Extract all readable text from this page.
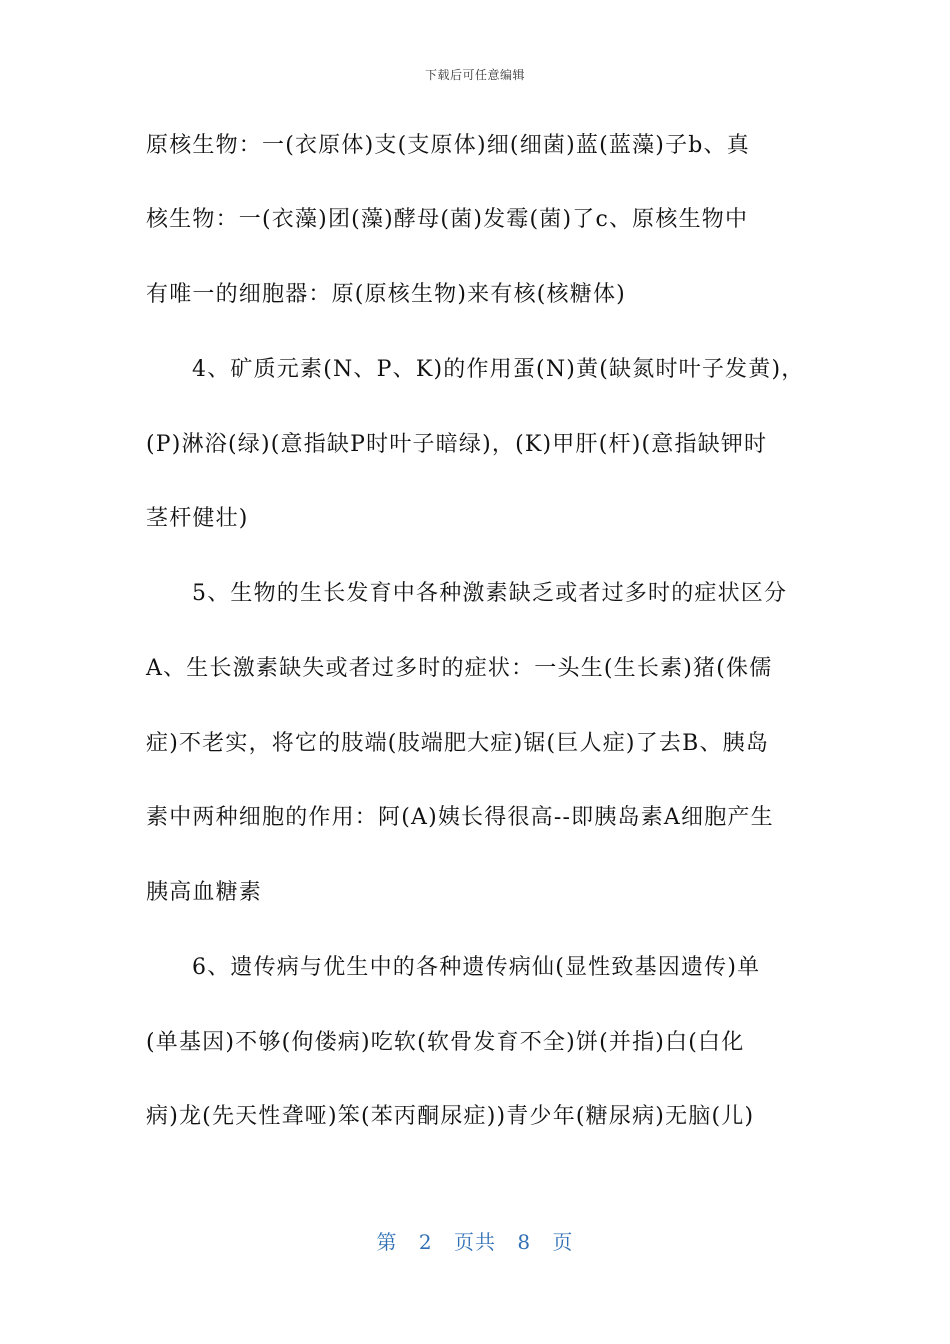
下载后可任意编辑
原核生物：一(衣原体)支(支原体)细(细菌)蓝(蓝藻)子b、真
核生物：一(衣藻)团(藻)酵母(菌)发霉(菌)了c、原核生物中
有唯一的细胞器：原(原核生物)来有核(核糖体)
4、矿质元素(N、P、K)的作用蛋(N)黄(缺氮时叶子发黄)，
(P)淋浴(绿)(意指缺P时叶子暗绿)，(K)甲肝(杆)(意指缺钾时
茎杆健壮)
5、生物的生长发育中各种激素缺乏或者过多时的症状区分
A、生长激素缺失或者过多时的症状：一头生(生长素)猪(侏儒
症)不老实，将它的肢端(肢端肥大症)锯(巨人症)了去B、胰岛
素中两种细胞的作用：阿(A)姨长得很高--即胰岛素A细胞产生
胰高血糖素
6、遗传病与优生中的各种遗传病仙(显性致基因遗传)单
(单基因)不够(佝偻病)吃软(软骨发育不全)饼(并指)白(白化
病)龙(先天性聋哑)笨(苯丙酮尿症))青少年(糖尿病)无脑(儿)
第 2 页共 8 页
